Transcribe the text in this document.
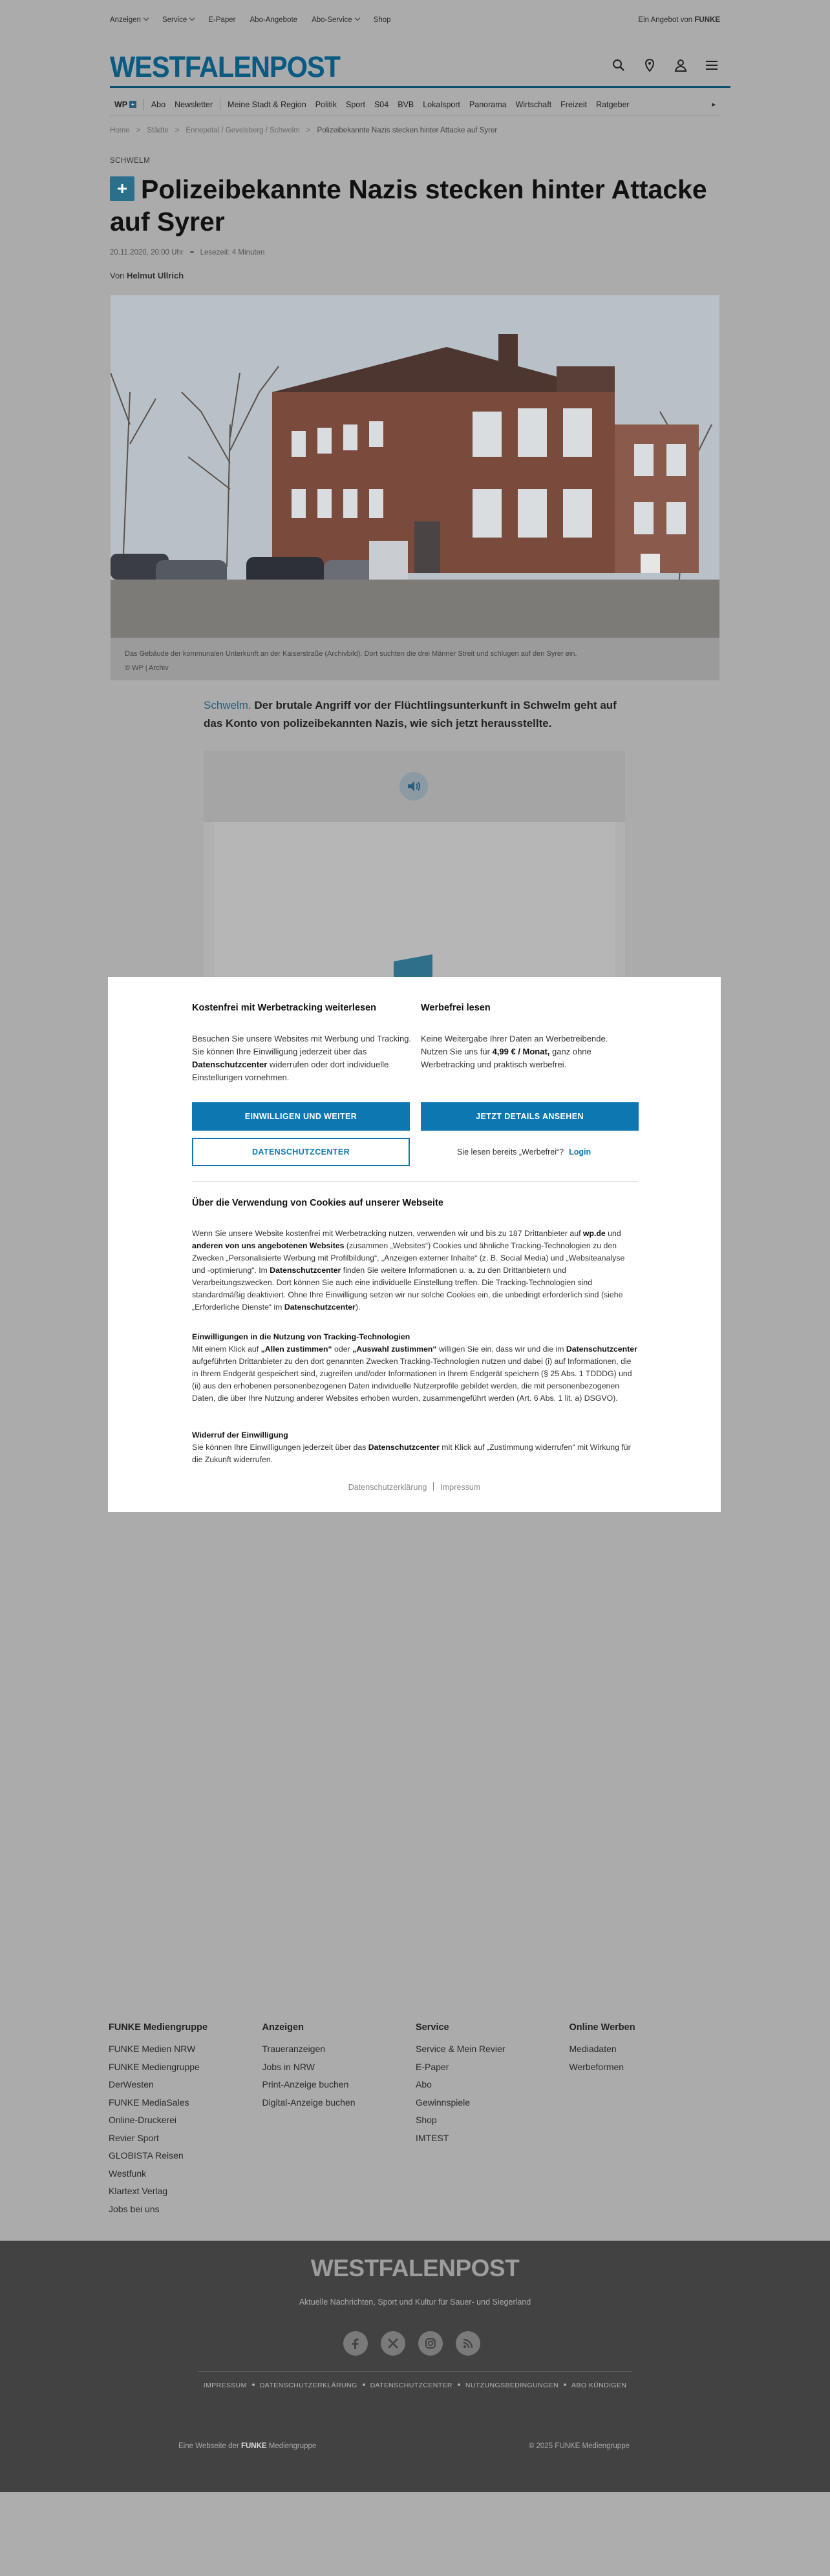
Anzeigen	Service	E-Paper Abo-Angebote Abo-Service	Shop	Ein Angebot von FUNKE
WESTFALENPOST
WP +	Abo	Newsletter	Meine Stadt & Region	Politik	Sport	S04	BVB	Lokalsport	Panorama	Wirtschaft	Freizeit	Ratgeber	▸
Home > Städte > Ennepetal / Gevelsberg / Schwelm > Polizeibekannte Nazis stecken hinter Attacke auf Syrer
SCHWELM
+ Polizeibekannte Nazis stecken hinter Attacke auf Syrer
20.11.2020, 20:00 Uhr Lesezeit: 4 Minuten
Von Helmut Ullrich
Das Gebäude der kommunalen Unterkunft an der Kaiserstraße (Archivbild). Dort suchten die drei Männer Streit und schlugen auf den Syrer ein.
© WP | Archiv

Schwelm. Der brutale Angriff vor der Flüchtlingsunterkunft in Schwelm geht auf das Konto von polizeibekannten Nazis, wie sich jetzt herausstellte.

Kostenfrei mit Werbetracking weiterlesen
Besuchen Sie unsere Websites mit Werbung und Tracking. Sie können Ihre Einwilligung jederzeit über das Datenschutzcenter widerrufen oder dort individuelle Einstellungen vornehmen.
Werbefrei lesen
Keine Weitergabe Ihrer Daten an Werbetreibende. Nutzen Sie uns für 4,99 € / Monat, ganz ohne Werbetracking und praktisch werbefrei.
EINWILLIGEN UND WEITER	JETZT DETAILS ANSEHEN
DATENSCHUTZCENTER	Sie lesen bereits „Werbefrei“? Login
Über die Verwendung von Cookies auf unserer Webseite
Wenn Sie unsere Website kostenfrei mit Werbetracking nutzen, verwenden wir und bis zu 187 Drittanbieter auf wp.de und anderen von uns angebotenen Websites (zusammen „Websites“) Cookies und ähnliche Tracking-Technologien zu den Zwecken „Personalisierte Werbung mit Profilbildung“, „Anzeigen externer Inhalte“ (z. B. Social Media) und „Websiteanalyse und -optimierung“. Im Datenschutzcenter finden Sie weitere Informationen u. a. zu den Drittanbietern und Verarbeitungszwecken. Dort können Sie auch eine individuelle Einstellung treffen. Die Tracking-Technologien sind standardmäßig deaktiviert. Ohne Ihre Einwilligung setzen wir nur solche Cookies ein, die unbedingt erforderlich sind (siehe „Erforderliche Dienste“ im Datenschutzcenter).
Einwilligungen in die Nutzung von Tracking-Technologien
Mit einem Klick auf „Allen zustimmen“ oder „Auswahl zustimmen“ willigen Sie ein, dass wir und die im Datenschutzcenter aufgeführten Drittanbieter zu den dort genannten Zwecken Tracking-Technologien nutzen und dabei (i) auf Informationen, die in Ihrem Endgerät gespeichert sind, zugreifen und/oder Informationen in Ihrem Endgerät speichern (§ 25 Abs. 1 TDDDG) und (ii) aus den erhobenen personenbezogenen Daten individuelle Nutzerprofile gebildet werden, die mit personenbezogenen Daten, die über Ihre Nutzung anderer Websites erhoben wurden, zusammengeführt werden (Art. 6 Abs. 1 lit. a) DSGVO).
Widerruf der Einwilligung
Sie können Ihre Einwilligungen jederzeit über das Datenschutzcenter mit Klick auf „Zustimmung widerrufen“ mit Wirkung für die Zukunft widerrufen.
Datenschutzerklärung Impressum
FUNKE Mediengruppe
FUNKE Medien NRW
FUNKE Mediengruppe
DerWesten
FUNKE MediaSales
Online-Druckerei
Revier Sport
GLOBISTA Reisen
Westfunk
Klartext Verlag
Jobs bei uns
Anzeigen
Traueranzeigen
Jobs in NRW
Print-Anzeige buchen
Digital-Anzeige buchen
Service
Service & Mein Revier
E-Paper
Abo
Gewinnspiele
Shop
IMTEST
Online Werben
Mediadaten
Werbeformen
WESTFALENPOST
Aktuelle Nachrichten, Sport und Kultur für Sauer- und Siegerland
IMPRESSUM DATENSCHUTZERKLÄRUNG DATENSCHUTZCENTER NUTZUNGSBEDINGUNGEN ABO KÜNDIGEN
Eine Webseite der FUNKE Mediengruppe	© 2025 FUNKE Mediengruppe
